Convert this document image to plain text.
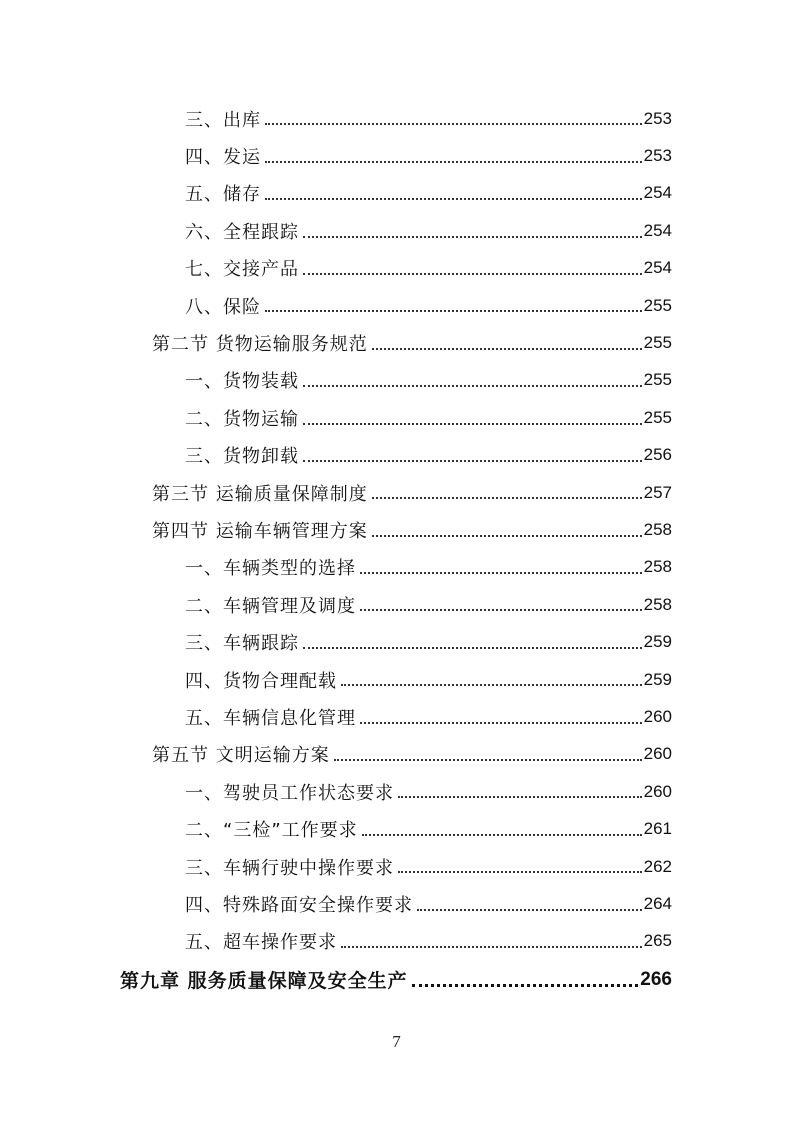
三、出库	253
四、发运	253
五、储存	254
六、全程跟踪	254
七、交接产品	254
八、保险	255
第二节 货物运输服务规范	255
一、货物装载	255
二、货物运输	255
三、货物卸载	256
第三节 运输质量保障制度	257
第四节 运输车辆管理方案	258
一、车辆类型的选择	258
二、车辆管理及调度	258
三、车辆跟踪	259
四、货物合理配载	259
五、车辆信息化管理	260
第五节 文明运输方案	260
一、驾驶员工作状态要求	260
二、“三检”工作要求	261
三、车辆行驶中操作要求	262
四、特殊路面安全操作要求	264
五、超车操作要求	265
第九章 服务质量保障及安全生产	266
7
